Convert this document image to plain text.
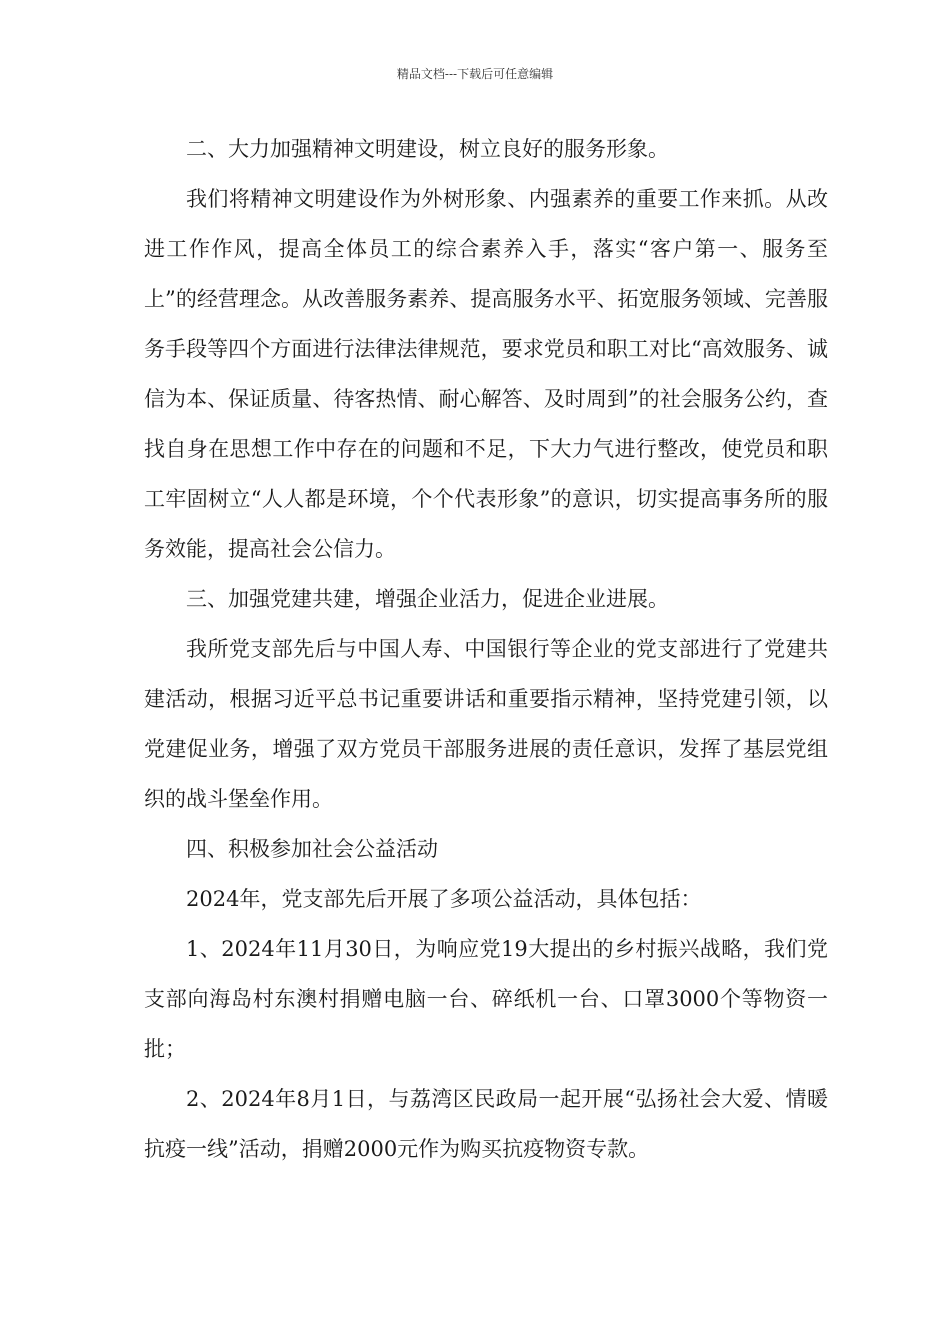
精品文档---下载后可任意编辑

二、大力加强精神文明建设，树立良好的服务形象。

我们将精神文明建设作为外树形象、内强素养的重要工作来抓。从改进工作作风，提高全体员工的综合素养入手，落实“客户第一、服务至上”的经营理念。从改善服务素养、提高服务水平、拓宽服务领域、完善服务手段等四个方面进行法律法律规范，要求党员和职工对比“高效服务、诚信为本、保证质量、待客热情、耐心解答、及时周到”的社会服务公约，查找自身在思想工作中存在的问题和不足，下大力气进行整改，使党员和职工牢固树立“人人都是环境，个个代表形象”的意识，切实提高事务所的服务效能，提高社会公信力。

三、加强党建共建，增强企业活力，促进企业进展。

我所党支部先后与中国人寿、中国银行等企业的党支部进行了党建共建活动，根据习近平总书记重要讲话和重要指示精神，坚持党建引领，以党建促业务，增强了双方党员干部服务进展的责任意识，发挥了基层党组织的战斗堡垒作用。

四、积极参加社会公益活动

2024年，党支部先后开展了多项公益活动，具体包括：

1、2024年11月30日，为响应党19大提出的乡村振兴战略，我们党支部向海岛村东澳村捐赠电脑一台、碎纸机一台、口罩3000个等物资一批；

2、2024年8月1日，与荔湾区民政局一起开展“弘扬社会大爱、情暖抗疫一线”活动，捐赠2000元作为购买抗疫物资专款。
